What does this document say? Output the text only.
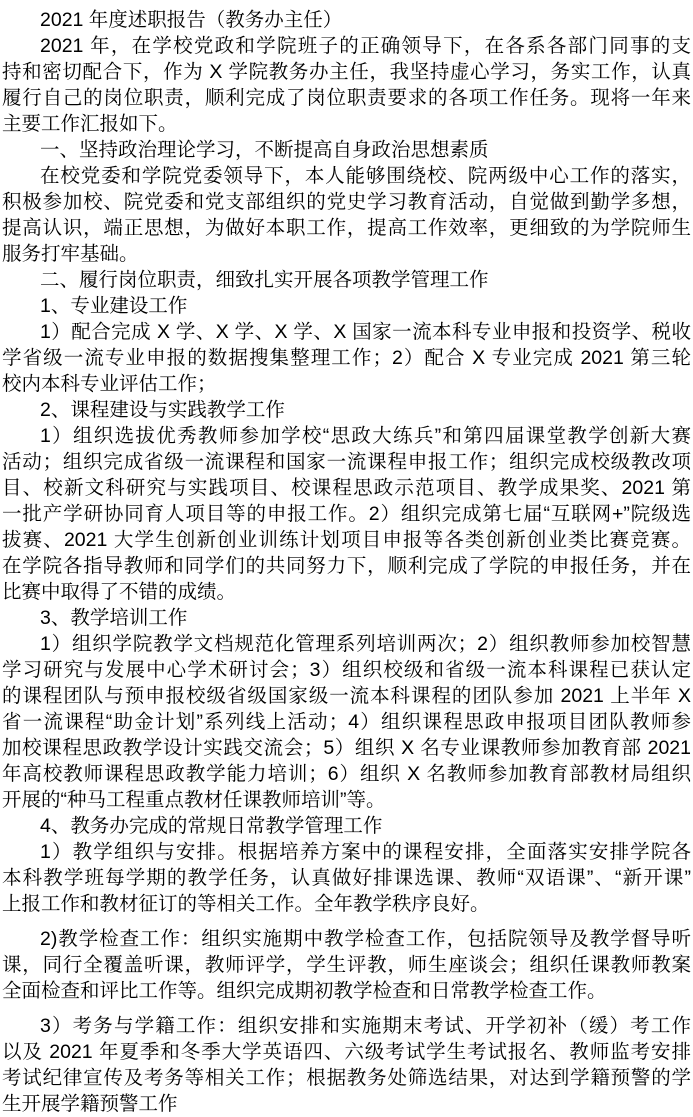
2021 年度述职报告（教务办主任）
2021 年，在学校党政和学院班子的正确领导下，在各系各部门同事的支
持和密切配合下，作为 X 学院教务办主任，我坚持虚心学习，务实工作，认真
履行自己的岗位职责，顺利完成了岗位职责要求的各项工作任务。现将一年来
主要工作汇报如下。
一、坚持政治理论学习，不断提高自身政治思想素质
在校党委和学院党委领导下，本人能够围绕校、院两级中心工作的落实，
积极参加校、院党委和党支部组织的党史学习教育活动，自觉做到勤学多想，
提高认识，端正思想，为做好本职工作，提高工作效率，更细致的为学院师生
服务打牢基础。
二、履行岗位职责，细致扎实开展各项教学管理工作
1、专业建设工作
1）配合完成 X 学、X 学、X 学、X 国家一流本科专业申报和投资学、税收
学省级一流专业申报的数据搜集整理工作；2）配合 X 专业完成 2021 第三轮
校内本科专业评估工作；
2、课程建设与实践教学工作
1）组织选拔优秀教师参加学校“思政大练兵”和第四届课堂教学创新大赛
活动；组织完成省级一流课程和国家一流课程申报工作；组织完成校级教改项
目、校新文科研究与实践项目、校课程思政示范项目、教学成果奖、2021 第
一批产学研协同育人项目等的申报工作。2）组织完成第七届“互联网+”院级选
拔赛、2021 大学生创新创业训练计划项目申报等各类创新创业类比赛竞赛。
在学院各指导教师和同学们的共同努力下，顺利完成了学院的申报任务，并在
比赛中取得了不错的成绩。
3、教学培训工作
1）组织学院教学文档规范化管理系列培训两次；2）组织教师参加校智慧
学习研究与发展中心学术研讨会；3）组织校级和省级一流本科课程已获认定
的课程团队与预申报校级省级国家级一流本科课程的团队参加 2021 上半年 X
省一流课程“助金计划”系列线上活动；4）组织课程思政申报项目团队教师参
加校课程思政教学设计实践交流会；5）组织 X 名专业课教师参加教育部 2021
年高校教师课程思政教学能力培训；6）组织 X 名教师参加教育部教材局组织
开展的“种马工程重点教材任课教师培训”等。
4、教务办完成的常规日常教学管理工作
1）教学组织与安排。根据培养方案中的课程安排，全面落实安排学院各
本科教学班每学期的教学任务，认真做好排课选课、教师“双语课”、“新开课”
上报工作和教材征订的等相关工作。全年教学秩序良好。
2)教学检查工作：组织实施期中教学检查工作，包括院领导及教学督导听
课，同行全覆盖听课，教师评学，学生评教，师生座谈会；组织任课教师教案
全面检查和评比工作等。组织完成期初教学检查和日常教学检查工作。
3）考务与学籍工作：组织安排和实施期末考试、开学初补（缓）考工作
以及 2021 年夏季和冬季大学英语四、六级考试学生考试报名、教师监考安排
考试纪律宣传及考务等相关工作；根据教务处筛选结果，对达到学籍预警的学
生开展学籍预警工作
